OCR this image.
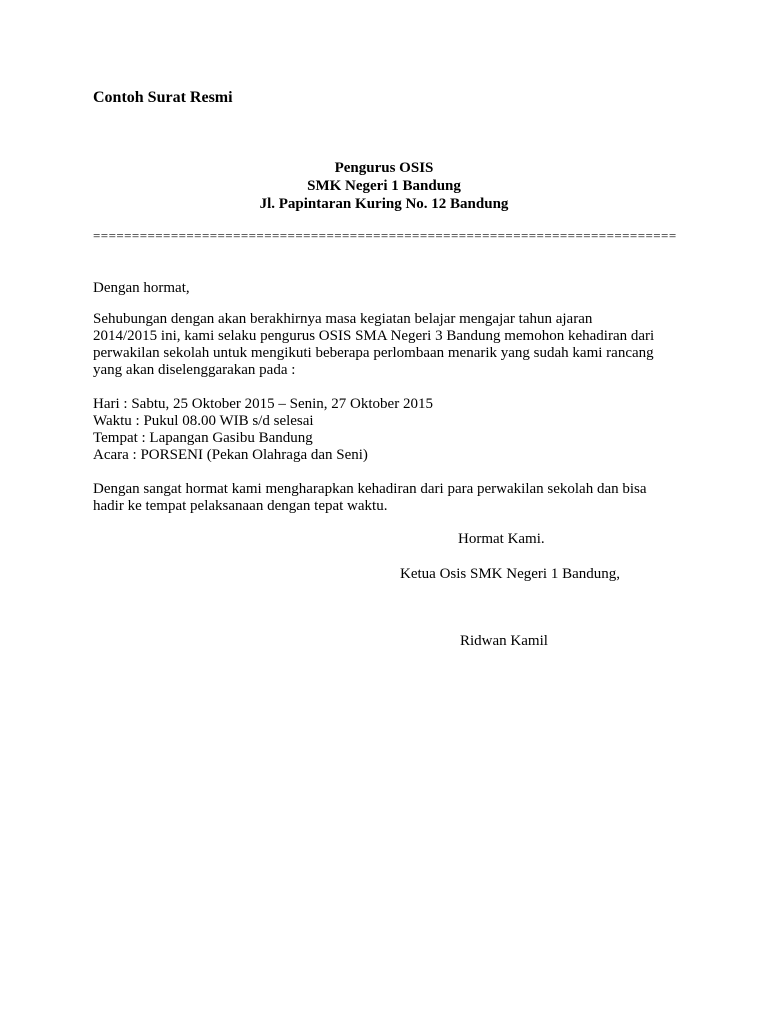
Contoh Surat Resmi
Pengurus OSIS
SMK Negeri 1 Bandung
Jl. Papintaran Kuring No. 12 Bandung
===========================================================================
Dengan hormat,
Sehubungan dengan akan berakhirnya masa kegiatan belajar mengajar tahun ajaran
2014/2015 ini, kami selaku pengurus OSIS SMA Negeri 3 Bandung memohon kehadiran dari
perwakilan sekolah untuk mengikuti beberapa perlombaan menarik yang sudah kami rancang
yang akan diselenggarakan pada :
Hari : Sabtu, 25 Oktober 2015 – Senin, 27 Oktober 2015
Waktu : Pukul 08.00 WIB s/d selesai
Tempat : Lapangan Gasibu Bandung
Acara : PORSENI (Pekan Olahraga dan Seni)
Dengan sangat hormat kami mengharapkan kehadiran dari para perwakilan sekolah dan bisa
hadir ke tempat pelaksanaan dengan tepat waktu.
Hormat Kami.
Ketua Osis SMK Negeri 1 Bandung,
Ridwan Kamil
